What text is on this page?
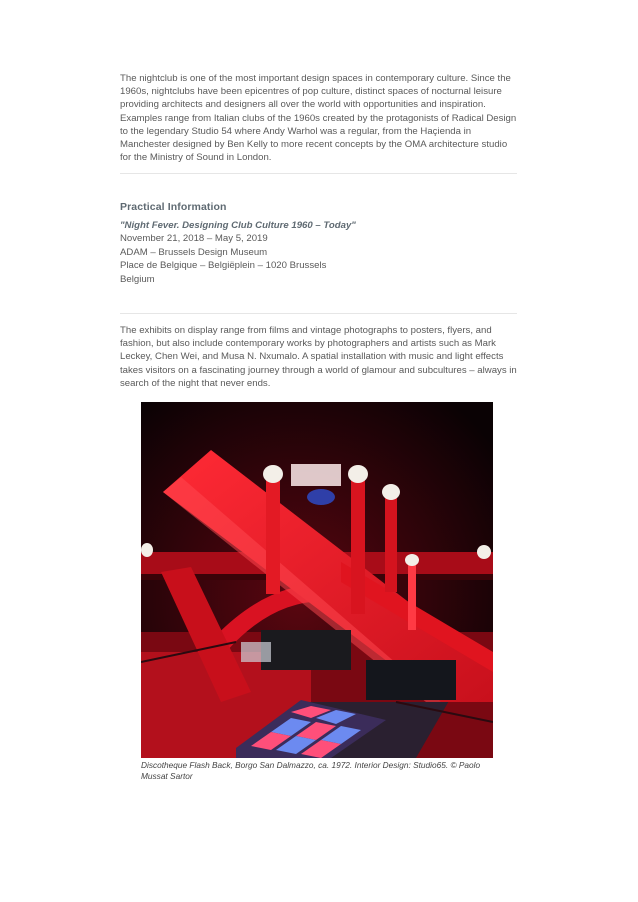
The nightclub is one of the most important design spaces in contemporary culture. Since the 1960s, nightclubs have been epicentres of pop culture, distinct spaces of nocturnal leisure providing architects and designers all over the world with opportunities and inspiration. Examples range from Italian clubs of the 1960s created by the protagonists of Radical Design to the legendary Studio 54 where Andy Warhol was a regular, from the Haçienda in Manchester designed by Ben Kelly to more recent concepts by the OMA architecture studio for the Ministry of Sound in London.

Practical Information

"Night Fever. Designing Club Culture 1960 – Today"

November 21, 2018 – May 5, 2019

ADAM – Brussels Design Museum

Place de Belgique – Belgiëplein – 1020 Brussels

Belgium

The exhibits on display range from films and vintage photographs to posters, flyers, and fashion, but also include contemporary works by photographers and artists such as Mark Leckey, Chen Wei, and Musa N. Nxumalo. A spatial installation with music and light effects takes visitors on a fascinating journey through a world of glamour and subcultures – always in search of the night that never ends.

Discotheque Flash Back, Borgo San Dalmazzo, ca. 1972. Interior Design: Studio65. © Paolo Mussat Sartor
